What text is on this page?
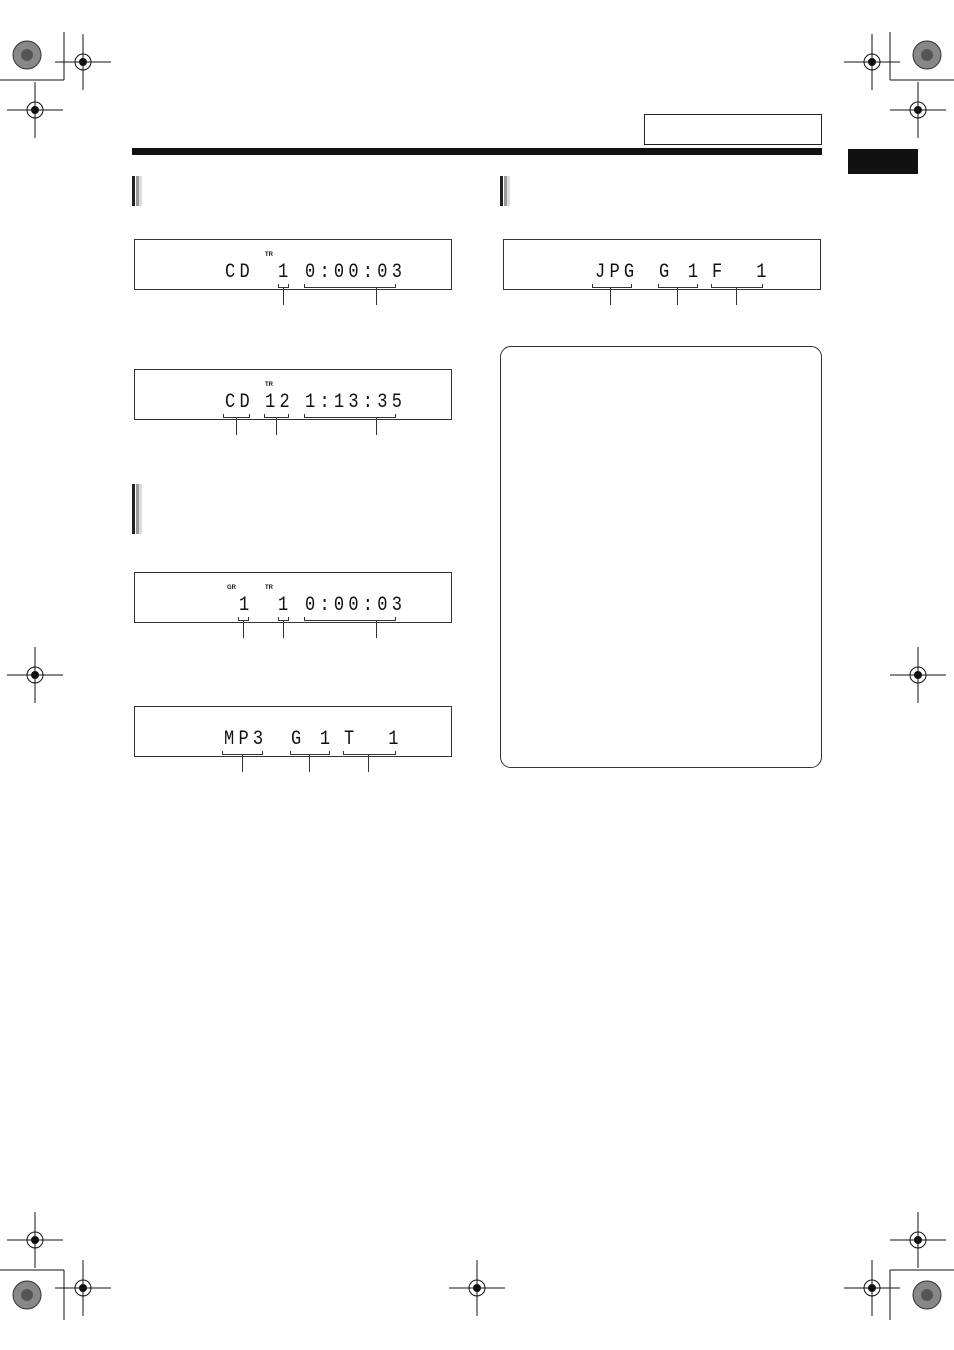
TR
CD 1 0:00:03
TR
CD 12 1:13:35
GR	TR
1 1 0:00:03
MP3 G 1 T 1
JPG G 1 F 1
